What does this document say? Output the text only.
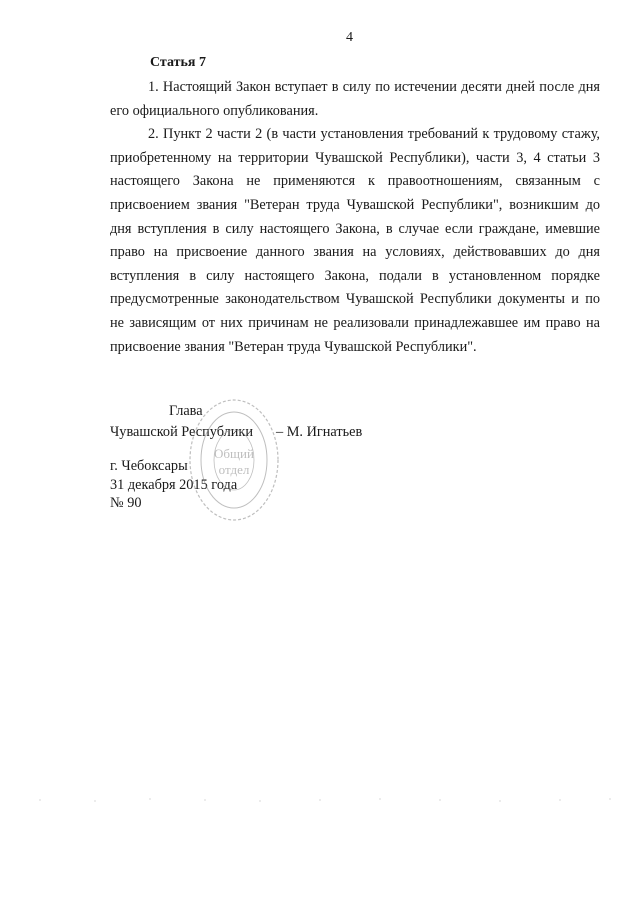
4
Статья 7

1. Настоящий Закон вступает в силу по истечении десяти дней после дня его официального опубликования.

2. Пункт 2 части 2 (в части установления требований к трудовому стажу, приобретенному на территории Чувашской Республики), части 3, 4 статьи 3 настоящего Закона не применяются к правоотношениям, связанным с присвоением звания "Ветеран труда Чувашской Республики", возникшим до дня вступления в силу настоящего Закона, в случае если граждане, имевшие право на присвоение данного звания на условиях, действовавших до дня вступления в силу настоящего Закона, подали в установленном порядке предусмотренные законодательством Чувашской Республики документы и по не зависящим от них причинам не реализовали принадлежавшее им право на присвоение звания "Ветеран труда Чувашской Республики".

Глава
Чувашской Республики – М. Игнатьев
г. Чебоксары
31 декабря 2015 года
№ 90
Общий
отдел
